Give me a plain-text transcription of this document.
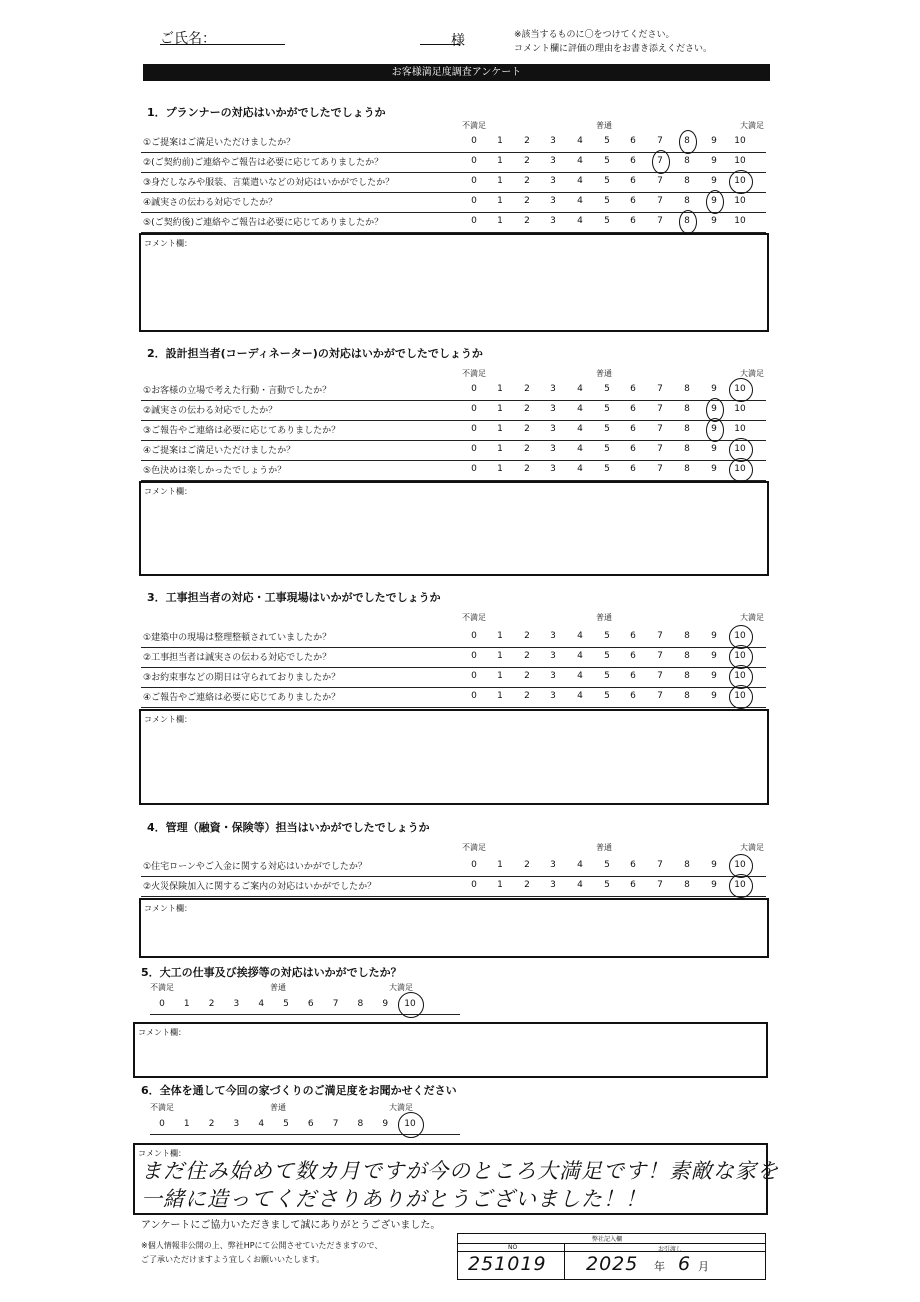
ご氏名：	様	※該当するものに〇をつけてください。
コメント欄に評価の理由をお書き添えください。
お客様満足度調査アンケート
1．プランナーの対応はいかがでしたでしょうか
不満足	普通	大満足
①ご提案はご満足いただけましたか？	0	1	2	3	4	5	6	7	8	9	10
②(ご契約前)ご連絡やご報告は必要に応じてありましたか？	0	1	2	3	4	5	6	7	8	9	10
③身だしなみや服装、言葉遣いなどの対応はいかがでしたか？	0	1	2	3	4	5	6	7	8	9	10
④誠実さの伝わる対応でしたか？	0	1	2	3	4	5	6	7	8	9	10
⑤(ご契約後)ご連絡やご報告は必要に応じてありましたか？	0	1	2	3	4	5	6	7	8	9	10
コメント欄：
2．設計担当者(コーディネーター)の対応はいかがでしたでしょうか
不満足	普通	大満足
①お客様の立場で考えた行動・言動でしたか？	0	1	2	3	4	5	6	7	8	9	10
②誠実さの伝わる対応でしたか？	0	1	2	3	4	5	6	7	8	9	10
③ご報告やご連絡は必要に応じてありましたか？	0	1	2	3	4	5	6	7	8	9	10
④ご提案はご満足いただけましたか？	0	1	2	3	4	5	6	7	8	9	10
⑤色決めは楽しかったでしょうか？	0	1	2	3	4	5	6	7	8	9	10
コメント欄：
3．工事担当者の対応・工事現場はいかがでしたでしょうか
不満足	普通	大満足
①建築中の現場は整理整頓されていましたか？	0	1	2	3	4	5	6	7	8	9	10
②工事担当者は誠実さの伝わる対応でしたか？	0	1	2	3	4	5	6	7	8	9	10
③お約束事などの期日は守られておりましたか？	0	1	2	3	4	5	6	7	8	9	10
④ご報告やご連絡は必要に応じてありましたか？	0	1	2	3	4	5	6	7	8	9	10
コメント欄：
4．管理（融資・保険等）担当はいかがでしたでしょうか
不満足	普通	大満足
①住宅ローンやご入金に関する対応はいかがでしたか？	0	1	2	3	4	5	6	7	8	9	10
②火災保険加入に関するご案内の対応はいかがでしたか？	0	1	2	3	4	5	6	7	8	9	10
コメント欄：
5．大工の仕事及び挨拶等の対応はいかがでしたか？
不満足	普通	大満足
0	1	2	3	4	5	6	7	8	9	10
コメント欄：
6．全体を通して今回の家づくりのご満足度をお聞かせください
不満足	普通	大満足
0	1	2	3	4	5	6	7	8	9	10
コメント欄：
まだ住み始めて数カ月ですが今のところ大満足です！素敵な家を
一緒に造ってくださりありがとうございました！！
アンケートにご協力いただきまして誠にありがとうございました。
※個人情報非公開の上、弊社HPにて公開させていただきますので、
ご了承いただけますよう宜しくお願いいたします。
弊社記入欄
NO	お引渡し
251019 2025 年 6 月
